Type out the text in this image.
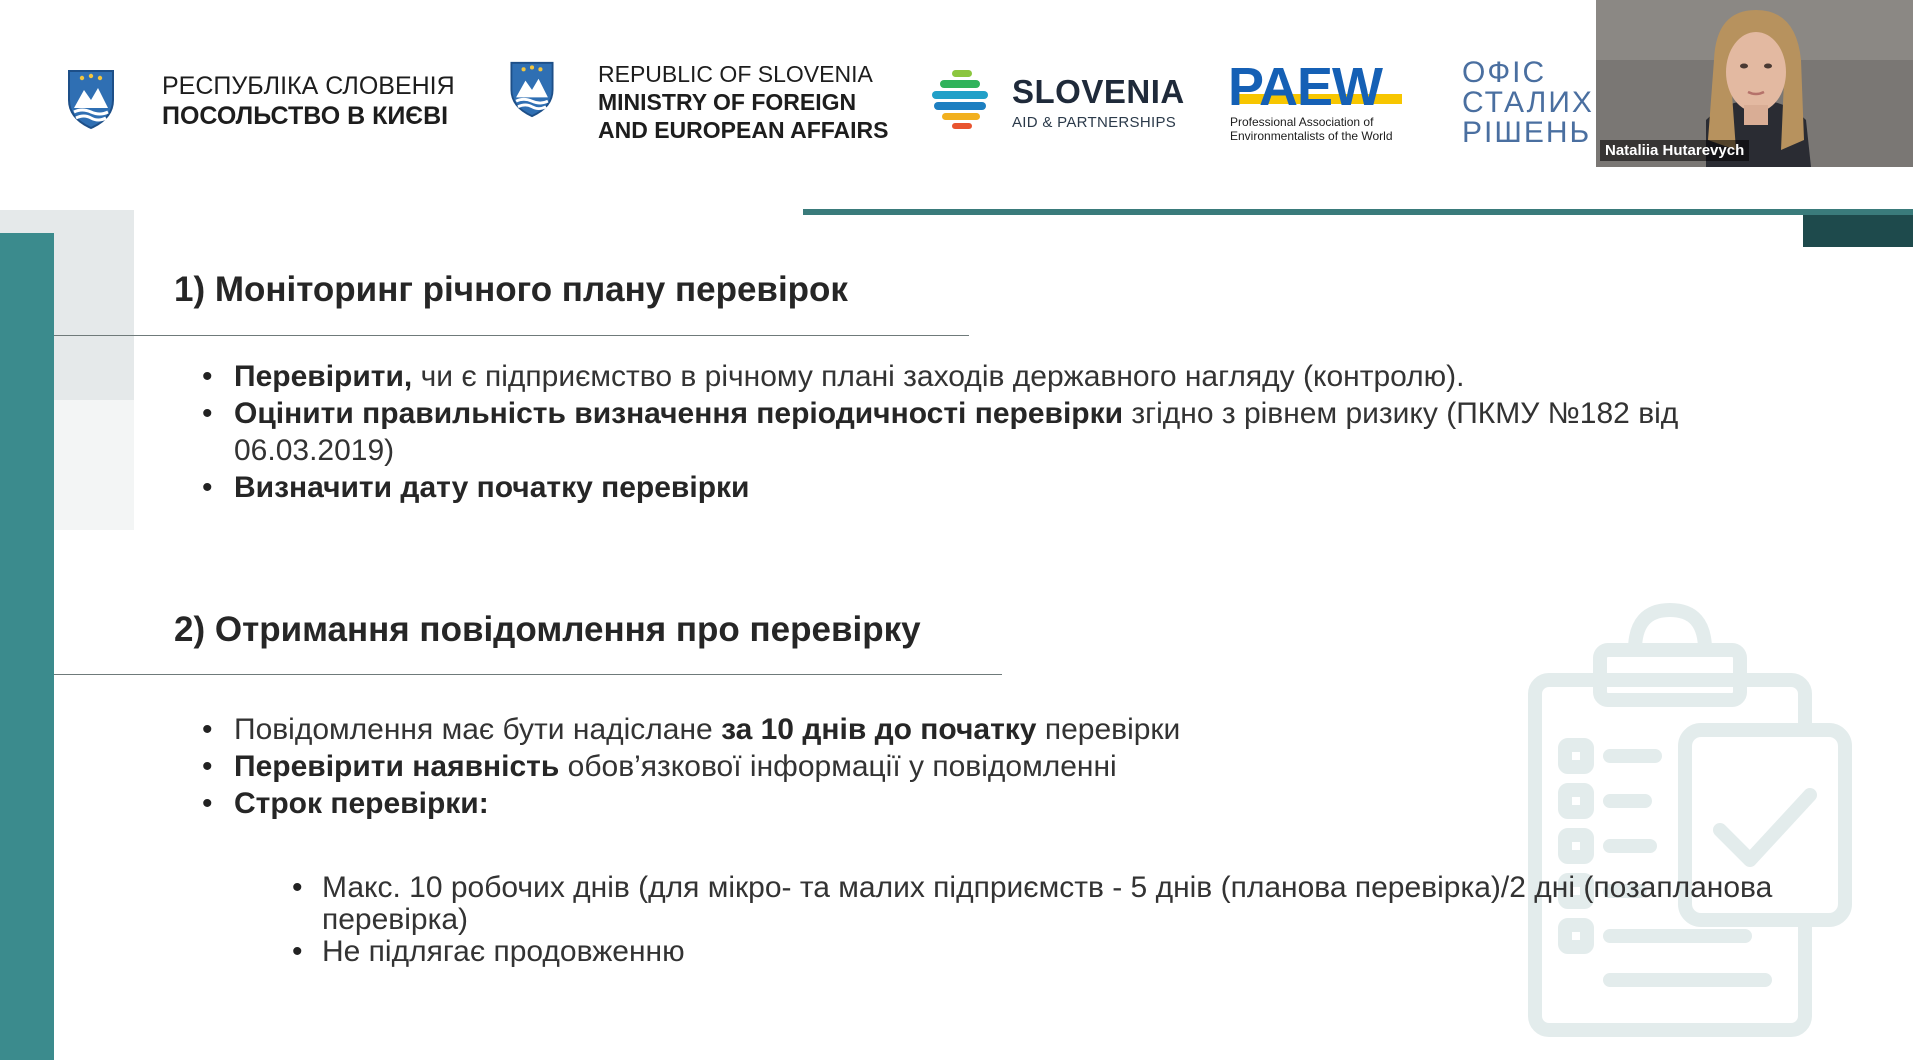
РЕСПУБЛІКА СЛОВЕНІЯ
ПОСОЛЬСТВО В КИЄВІ
REPUBLIC OF SLOVENIA
MINISTRY OF FOREIGN
AND EUROPEAN AFFAIRS
SLOVENIA
AID & PARTNERSHIPS
PAEW
Professional Association of
Environmentalists of the World
ОФІС
СТАЛИХ
РІШЕНЬ
Nataliia Hutarevych
1) Моніторинг річного плану перевірок
• Перевірити, чи є підприємство в річному плані заходів державного нагляду (контролю).
• Оцінити правильність визначення періодичності перевірки згідно з рівнем ризику (ПКМУ №182 від 06.03.2019)
• Визначити дату початку перевірки
2) Отримання повідомлення про перевірку
• Повідомлення має бути надіслане за 10 днів до початку перевірки
• Перевірити наявність обов’язкової інформації у повідомленні
• Строк перевірки:
• Макс. 10 робочих днів (для мікро- та малих підприємств - 5 днів (планова перевірка)/2 дні (позапланова перевірка)
• Не підлягає продовженню
